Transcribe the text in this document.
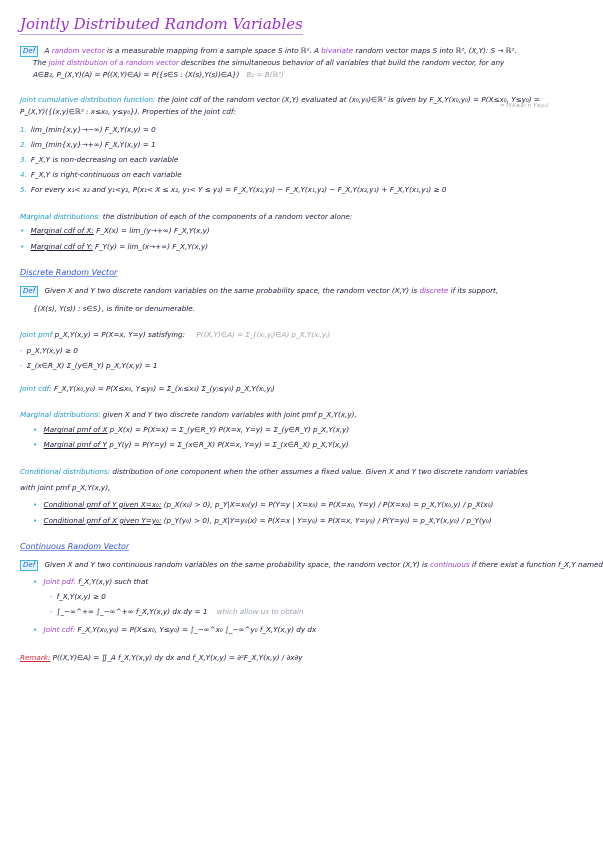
Jointly Distributed Random Variables
Def A random vector is a measurable mapping from a sample space S into ℝᵈ. A bivariate random vector maps S into ℝ², (X,Y): S → ℝ².
The joint distribution of a random vector describes the simultaneous behavior of all variables that build the random vector, for any
A∈B₂, P_(X,Y)(A) = P((X,Y)∈A) = P({s∈S : (X(s),Y(s))∈A}) B₂ = B(ℝ²)
Joint cumulative distribution function: the joint cdf of the random vector (X,Y) evaluated at (x₀,y₀)∈ℝ² is given by F_X,Y(x₀,y₀) = P(X≤x₀, Y≤y₀) =
P_(X,Y)({(x,y)∈ℝ² : x≤x₀, y≤y₀}). Properties of the joint cdf:
= P(X≤x₀ ∩ Y≤y₀)
1. lim_(min{x,y}→−∞) F_X,Y(x,y) = 0
2. lim_(min{x,y}→+∞) F_X,Y(x,y) = 1
3. F_X,Y is non-decreasing on each variable
4. F_X,Y is right-continuous on each variable
5. For every x₁< x₂ and y₁<y₂, P(x₁< X ≤ x₂, y₁< Y ≤ y₂) = F_X,Y(x₂,y₂) − F_X,Y(x₁,y₂) − F_X,Y(x₂,y₁) + F_X,Y(x₁,y₁) ≥ 0
Marginal distributions: the distribution of each of the components of a random vector alone:
• Marginal cdf of X: F_X(x) = lim_(y→+∞) F_X,Y(x,y)
• Marginal cdf of Y: F_Y(y) = lim_(x→+∞) F_X,Y(x,y)
Discrete Random Vector
Def Given X and Y two discrete random variables on the same probability space, the random vector (X,Y) is discrete if its support,
{(X(s), Y(s)) : s∈S}, is finite or denumerable.
Joint pmf p_X,Y(x,y) = P(X=x, Y=y) satisfying: P((X,Y)∈A) = Σ_((xᵢ,yⱼ)∈A) p_X,Y(xᵢ,yⱼ)
- p_X,Y(x,y) ≥ 0
- Σ_(x∈R_X) Σ_(y∈R_Y) p_X,Y(x,y) = 1
Joint cdf: F_X,Y(x₀,y₀) = P(X≤x₀, Y≤y₀) = Σ_(xᵢ≤x₀) Σ_(yⱼ≤y₀) p_X,Y(xᵢ,yⱼ)
Marginal distributions: given X and Y two discrete random variables with joint pmf p_X,Y(x,y),
• Marginal pmf of X p_X(x) = P(X=x) = Σ_(y∈R_Y) P(X=x, Y=y) = Σ_(y∈R_Y) p_X,Y(x,y)
• Marginal pmf of Y p_Y(y) = P(Y=y) = Σ_(x∈R_X) P(X=x, Y=y) = Σ_(x∈R_X) p_X,Y(x,y)
Conditional distributions: distribution of one component when the other assumes a fixed value. Given X and Y two discrete random variables
with joint pmf p_X,Y(x,y),
• Conditional pmf of Y given X=x₀: (p_X(x₀) > 0), p_Y|X=x₀(y) = P(Y=y | X=x₀) = P(X=x₀, Y=y) / P(X=x₀) = p_X,Y(x₀,y) / p_X(x₀)
• Conditional pmf of X given Y=y₀: (p_Y(y₀) > 0), p_X|Y=y₀(x) = P(X=x | Y=y₀) = P(X=x, Y=y₀) / P(Y=y₀) = p_X,Y(x,y₀) / p_Y(y₀)
Continuous Random Vector
Def Given X and Y two continuous random variables on the same probability space, the random vector (X,Y) is continuous if there exist a function f_X,Y named
• Joint pdf: f_X,Y(x,y) such that
- f_X,Y(x,y) ≥ 0
- ∫_−∞^+∞ ∫_−∞^+∞ f_X,Y(x,y) dx dy = 1 which allow us to obtain
• Joint cdf: F_X,Y(x₀,y₀) = P(X≤x₀, Y≤y₀) = ∫_−∞^x₀ ∫_−∞^y₀ f_X,Y(x,y) dy dx
Remark: P((X,Y)∈A) = ∬_A f_X,Y(x,y) dy dx and f_X,Y(x,y) = ∂²F_X,Y(x,y) / ∂x∂y
